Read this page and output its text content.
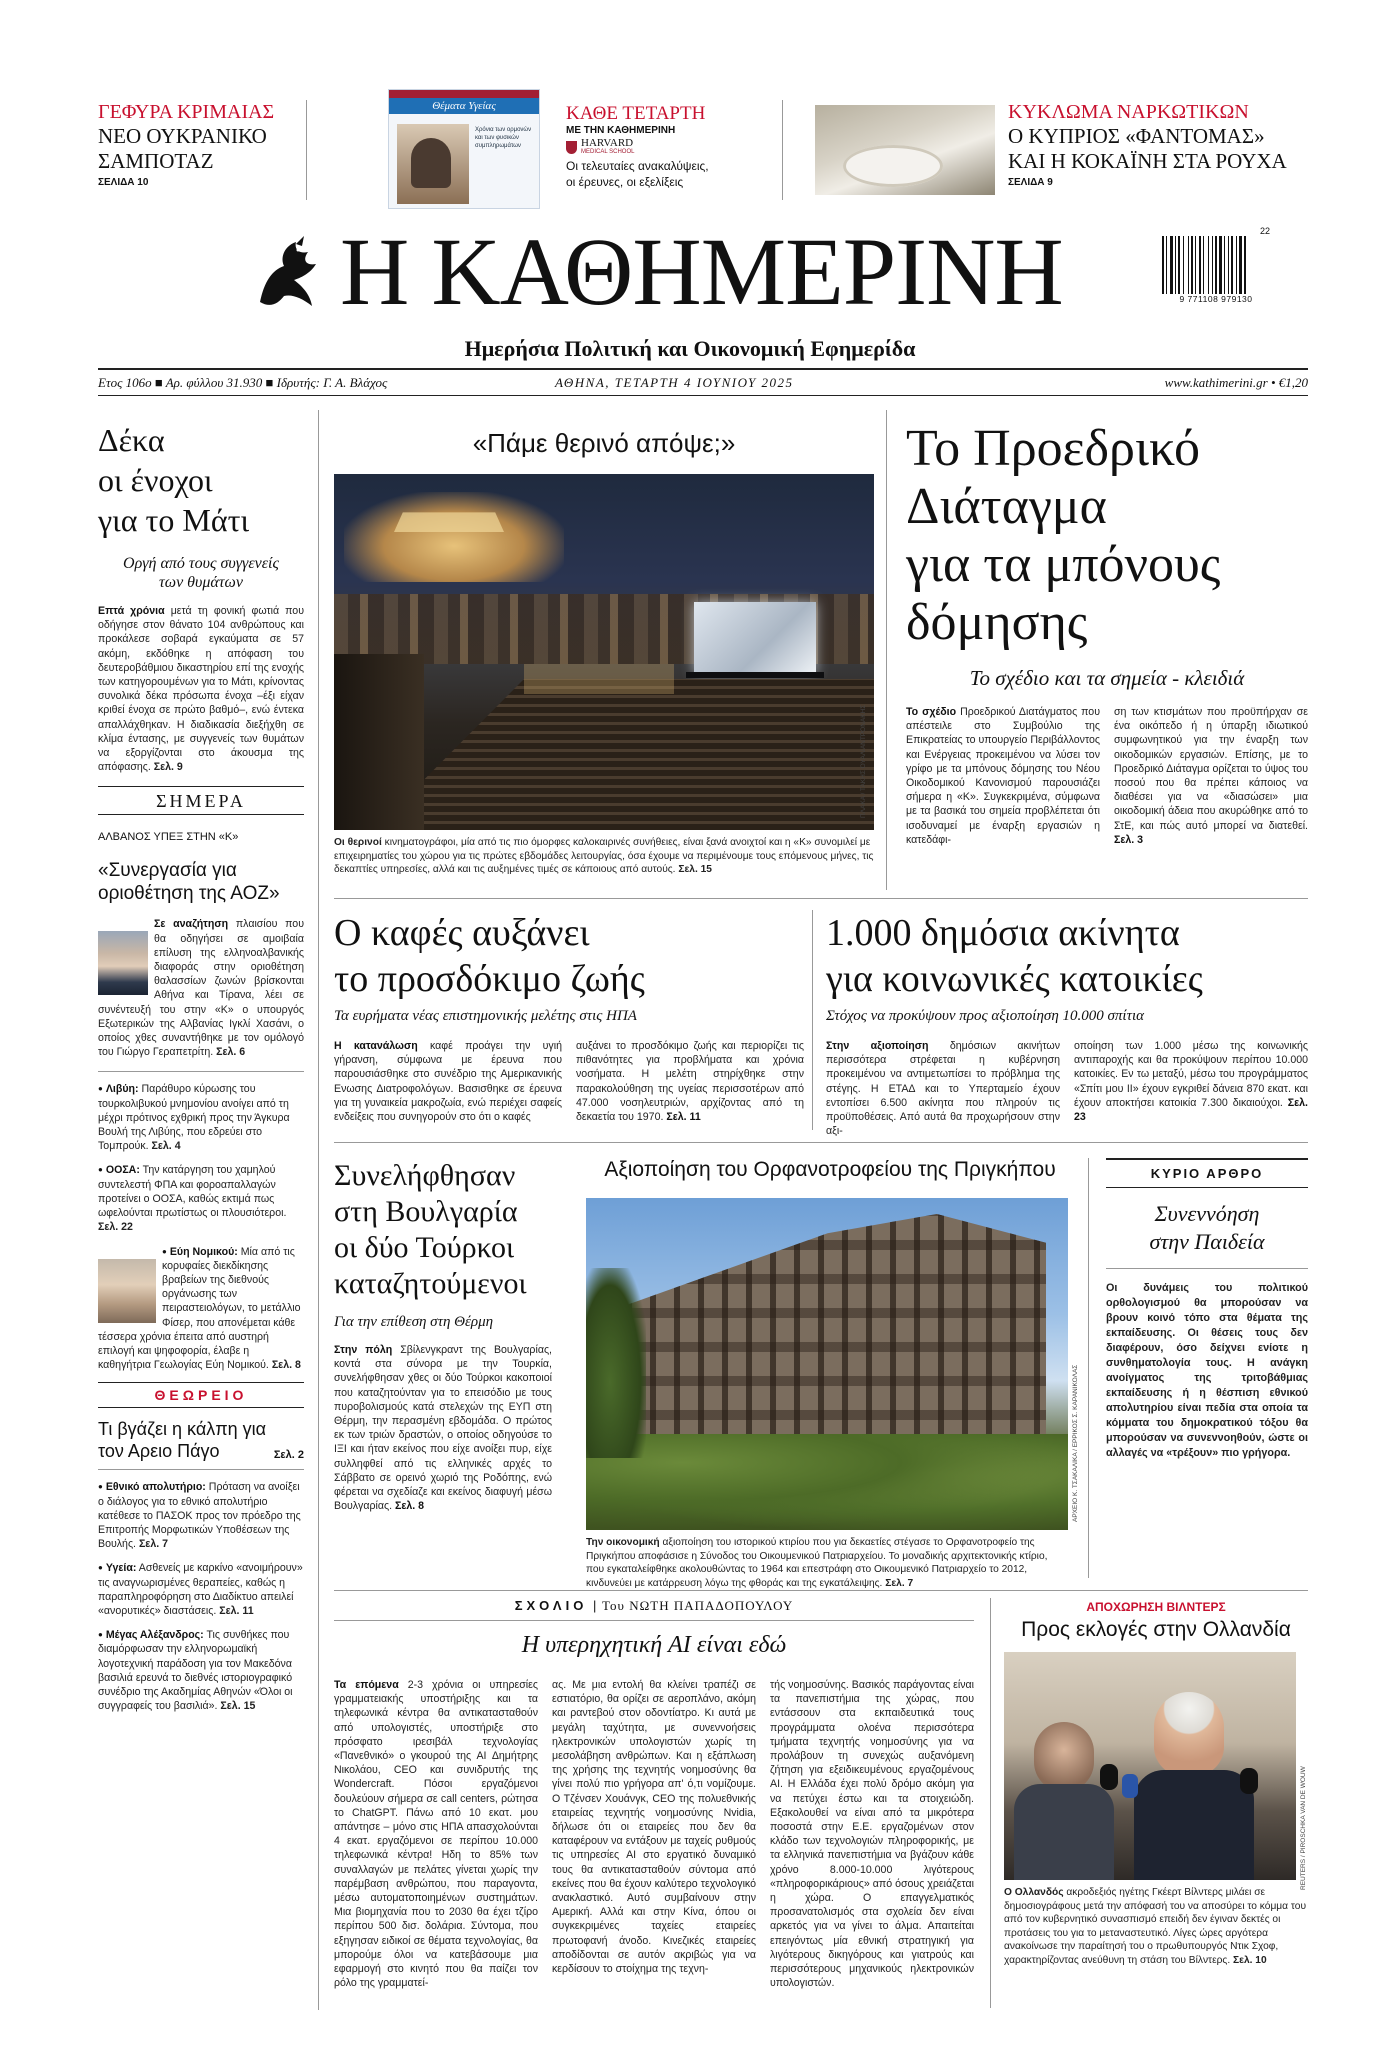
ΓΕΦΥΡΑ ΚΡΙΜΑΙΑΣ
ΝΕΟ ΟΥΚΡΑΝΙΚΟ
ΣΑΜΠΟΤΑΖ
ΣΕΛΙΔΑ 10
Θέματα Υγείας
Χρόνια των ορμονών και των φυσικών συμπληρωμάτων
ΚΑΘΕ ΤΕΤΑΡΤΗ
ΜΕ ΤΗΝ ΚΑΘΗΜΕΡΙΝΗ
HARVARD
MEDICAL SCHOOL
Οι τελευταίες ανακαλύψεις,
οι έρευνες, οι εξελίξεις
ΚΥΚΛΩΜΑ ΝΑΡΚΩΤΙΚΩΝ
Ο ΚΥΠΡΙΟΣ «ΦΑΝΤΟΜΑΣ»
ΚΑΙ Η ΚΟΚΑΪΝΗ ΣΤΑ ΡΟΥΧΑ
ΣΕΛΙΔΑ 9
Η ΚΑΘΗΜΕΡΙΝΗ
Ημερήσια Πολιτική και Οικονομική Εφημερίδα
22
9 771108 979130
Ετος 106ο ■ Αρ. φύλλου 31.930 ■ Ιδρυτής: Γ. Α. Βλάχος	ΑΘΗΝΑ, ΤΕΤΑΡΤΗ 4 ΙΟΥΝΙΟΥ 2025	www.kathimerini.gr • €1,20
Δέκα
οι ένοχοι
για το Μάτι
Οργή από τους συγγενείς
των θυμάτων

Επτά χρόνια μετά τη φονική φωτιά που οδήγησε στον θάνατο 104 ανθρώπους και προκάλεσε σοβαρά εγκαύματα σε 57 ακόμη, εκδόθηκε η απόφαση του δευτεροβάθμιου δικαστηρίου επί της ενοχής των κατηγορουμένων για το Μάτι, κρίνοντας συνολικά δέκα πρόσωπα ένοχα –έξι είχαν κριθεί ένοχα σε πρώτο βαθμό–, ενώ έντεκα απαλλάχθηκαν. Η διαδικασία διεξήχθη σε κλίμα έντασης, με συγγενείς των θυμάτων να εξοργίζονται στο άκουσμα της απόφασης. Σελ. 9

ΣΗΜΕΡΑ
ΑΛΒΑΝΟΣ ΥΠΕΞ ΣΤΗΝ «Κ»
«Συνεργασία για οριοθέτηση της ΑΟΖ»

Σε αναζήτηση πλαισίου που θα οδηγήσει σε αμοιβαία επίλυση της ελληνοαλβανικής διαφοράς στην οριοθέτηση θαλασσίων ζωνών βρίσκονται Αθήνα και Τίρανα, λέει σε συνέντευξή του στην «Κ» ο υπουργός Εξωτερικών της Αλβανίας Ιγκλί Χασάνι, ο οποίος χθες συναντήθηκε με τον ομόλογό του Γιώργο Γεραπετρίτη. Σελ. 6

● Λιβύη: Παράθυρο κύρωσης του τουρκολιβυκού μνημονίου ανοίγει από τη μέχρι πρότινος εχθρική προς την Άγκυρα Βουλή της Λιβύης, που εδρεύει στο Τομπρούκ. Σελ. 4

● ΟΟΣΑ: Την κατάργηση του χαμηλού συντελεστή ΦΠΑ και φοροαπαλλαγών προτείνει ο ΟΟΣΑ, καθώς εκτιμά πως ωφελούνται πρωτίστως οι πλουσιότεροι. Σελ. 22

● Εύη Νομικού: Μία από τις κορυφαίες διεκδίκησης βραβείων της διεθνούς οργάνωσης των πειραστειολόγων, το μετάλλιο Φίσερ, που απονέμεται κάθε τέσσερα χρόνια έπειτα από αυστηρή επιλογή και ψηφοφορία, έλαβε η καθηγήτρια Γεωλογίας Εύη Νομικού. Σελ. 8

ΘΕΩΡΕΙΟ
Τι βγάζει η κάλπη για τον Αρειο Πάγο	Σελ. 2

● Εθνικό απολυτήριο: Πρόταση να ανοίξει ο διάλογος για το εθνικό απολυτήριο κατέθεσε το ΠΑΣΟΚ προς τον πρόεδρο της Επιτροπής Μορφωτικών Υποθέσεων της Βουλής. Σελ. 7

● Υγεία: Ασθενείς με καρκίνο «ανοιμήρουν» τις αναγνωρισμένες θεραπείες, καθώς η παραπληροφόρηση στο Διαδίκτυο απειλεί «ανορυτικές» διαστάσεις. Σελ. 11

● Μέγας Αλέξανδρος: Τις συνθήκες που διαμόρφωσαν την ελληνορωμαϊκή λογοτεχνική παράδοση για τον Μακεδόνα βασιλιά ερευνά το διεθνές ιστοριογραφικό συνέδριο της Ακαδημίας Αθηνών «Όλοι οι συγγραφείς του βασιλιά». Σελ. 15

«Πάμε θερινό απόψε;»
ΠΛΑΚΑ / ΤΑΚΗΣ ΟΥΑΛΙΑΝΤΡΟΝΑΚΗΣ

Οι θερινοί κινηματογράφοι, μία από τις πιο όμορφες καλοκαιρινές συνήθειες, είναι ξανά ανοιχτοί και η «Κ» συνομιλεί με επιχειρηματίες του χώρου για τις πρώτες εβδομάδες λειτουργίας, όσα έχουμε να περιμένουμε τους επόμενους μήνες, τις δεκαπτίες υπηρεσίες, αλλά και τις αυξημένες τιμές σε κάποιους από αυτούς. Σελ. 15

Το Προεδρικό
Διάταγμα
για τα μπόνους
δόμησης
Το σχέδιο και τα σημεία - κλειδιά

Το σχέδιο Προεδρικού Διατάγματος που απέστειλε στο Συμβούλιο της Επικρατείας το υπουργείο Περιβάλλοντος και Ενέργειας προκειμένου να λύσει τον γρίφο με τα μπόνους δόμησης του Νέου Οικοδομικού Κανονισμού παρουσιάζει σήμερα η «Κ». Συγκεκριμένα, σύμφωνα με τα βασικά του σημεία προβλέπεται ότι ισοδυναμεί με έναρξη εργασιών η κατεδάφι-

ση των κτισμάτων που προϋπήρχαν σε ένα οικόπεδο ή η ύπαρξη ιδιωτικού συμφωνητικού για την έναρξη των οικοδομικών εργασιών. Επίσης, με το Προεδρικό Διάταγμα ορίζεται το ύψος του ποσού που θα πρέπει κάποιος να διαθέσει για να «διασώσει» μια οικοδομική άδεια που ακυρώθηκε από το ΣτΕ, και πώς αυτό μπορεί να διατεθεί. Σελ. 3

Ο καφές αυξάνει
το προσδόκιμο ζωής
Τα ευρήματα νέας επιστημονικής μελέτης στις ΗΠΑ

Η κατανάλωση καφέ προάγει την υγιή γήρανση, σύμφωνα με έρευνα που παρουσιάσθηκε στο συνέδριο της Αμερικανικής Ενωσης Διατροφολόγων. Βασισθηκε σε έρευνα για τη γυναικεία μακροζωία, ενώ περιέχει σαφείς ενδείξεις που συνηγορούν στο ότι ο καφές

αυξάνει το προσδόκιμο ζωής και περιορίζει τις πιθανότητες για προβλήματα και χρόνια νοσήματα. Η μελέτη στηρίχθηκε στην παρακολούθηση της υγείας περισσοτέρων από 47.000 νοσηλευτριών, αρχίζοντας από τη δεκαετία του 1970. Σελ. 11

1.000 δημόσια ακίνητα
για κοινωνικές κατοικίες
Στόχος να προκύψουν προς αξιοποίηση 10.000 σπίτια

Στην αξιοποίηση δημόσιων ακινήτων περισσότερα στρέφεται η κυβέρνηση προκειμένου να αντιμετωπίσει το πρόβλημα της στέγης. Η ΕΤΑΔ και το Υπερταμείο έχουν εντοπίσει 6.500 ακίνητα που πληρούν τις προϋποθέσεις. Από αυτά θα προχωρήσουν στην αξι-

οποίηση των 1.000 μέσω της κοινωνικής αντιπαροχής και θα προκύψουν περίπου 10.000 κατοικίες. Εν τω μεταξύ, μέσω του προγράμματος «Σπίτι μου ΙΙ» έχουν εγκριθεί δάνεια 870 εκατ. και έχουν αποκτήσει κατοικία 7.300 δικαιούχοι. Σελ. 23

Συνελήφθησαν
στη Βουλγαρία
οι δύο Τούρκοι
καταζητούμενοι
Για την επίθεση στη Θέρμη

Στην πόλη Σβίλενγκραντ της Βουλγαρίας, κοντά στα σύνορα με την Τουρκία, συνελήφθησαν χθες οι δύο Τούρκοι κακοποιοί που καταζητούνταν για το επεισόδιο με τους πυροβολισμούς κατά στελεχών της ΕΥΠ στη Θέρμη, την περασμένη εβδομάδα. Ο πρώτος εκ των τριών δραστών, ο οποίος οδηγούσε το ΙΞΙ και ήταν εκείνος που είχε ανοίξει πυρ, είχε συλληφθεί από τις ελληνικές αρχές το Σάββατο σε ορεινό χωριό της Ροδόπης, ενώ φέρεται να σχεδίαζε και εκείνος διαφυγή μέσω Βουλγαρίας. Σελ. 8

Αξιοποίηση του Ορφανοτροφείου της Πριγκήπου
ΑΡΧΕΙΟ Κ. ΤΣΑΚΑΛΙΚΑ / ΕΡΡΙΚΟΣ Σ. ΚΑΡΑΝΙΚΟΛΑΣ

Την οικονομική αξιοποίηση του ιστορικού κτιρίου που για δεκαετίες στέγασε το Ορφανοτροφείο της Πριγκήπου αποφάσισε η Σύνοδος του Οικουμενικού Πατριαρχείου. Το μοναδικής αρχιτεκτονικής κτίριο, που εγκαταλείφθηκε ακολουθώντας το 1964 και επεστράφη στο Οικουμενικό Πατριαρχείο το 2012, κινδυνεύει με κατάρρευση λόγω της φθοράς και της εγκατάλειψης. Σελ. 7

ΚΥΡΙΟ ΑΡΘΡΟ
Συνεννόηση
στην Παιδεία

Οι δυνάμεις του πολιτικού ορθολογισμού θα μπορούσαν να βρουν κοινό τόπο στα θέματα της εκπαίδευσης. Οι θέσεις τους δεν διαφέρουν, όσο δείχνει ενίοτε η συνθηματολογία τους. Η ανάγκη ανοίγματος της τριτοβάθμιας εκπαίδευσης ή η θέσπιση εθνικού απολυτηρίου είναι πεδία στα οποία τα κόμματα του δημοκρατικού τόξου θα μπορούσαν να συνεννοηθούν, ώστε οι αλλαγές να «τρέξουν» πιο γρήγορα.

ΣΧΟΛΙΟ | Του ΝΩΤΗ ΠΑΠΑΔΟΠΟΥΛΟΥ
Η υπερηχητική AI είναι εδώ

Τα επόμενα 2-3 χρόνια οι υπηρεσίες γραμματειακής υποστήριξης και τα τηλεφωνικά κέντρα θα αντικατασταθούν από υπολογιστές, υποστήριξε στο πρόσφατο ιρεσιβάλ τεχνολογίας «Πανεθνικό» ο γκουρού της AI Δημήτρης Νικολάου, CEO και συνιδρυτής της Wondercraft. Πόσοι εργαζόμενοι δουλεύουν σήμερα σε call centers, ρώτησα το ChatGPT. Πάνω από 10 εκατ. μου απάντησε – μόνο στις ΗΠΑ απασχολούνται 4 εκατ. εργαζόμενοι σε περίπου 10.000 τηλεφωνικά κέντρα! Ηδη το 85% των συναλλαγών με πελάτες γίνεται χωρίς την παρέμβαση ανθρώπου, που παραγοντα, μέσω αυτοματοποιημένων συστημάτων. Μια βιομηχανία που το 2030 θα έχει τζίρο περίπου 500 δισ. δολάρια. Σύντομα, που εξηγησαν ειδικοί σε θέματα τεχνολογίας, θα μπορούμε όλοι να κατεβάσουμε μια εφαρμογή στο κινητό που θα παίζει τον ρόλο της γραμματεί-

ας. Με μια εντολή θα κλείνει τραπέζι σε εστιατόριο, θα ορίζει σε αεροπλάνο, ακόμη και ραντεβού στον οδοντίατρο. Κι αυτά με μεγάλη ταχύτητα, με συνεννοήσεις ηλεκτρονικών υπολογιστών χωρίς τη μεσολάβηση ανθρώπων. Και η εξάπλωση της χρήσης της τεχνητής νοημοσύνης θα γίνει πολύ πιο γρήγορα απ' ό,τι νομίζουμε. Ο Τζένσεν Χουάνγκ, CEO της πολυεθνικής εταιρείας τεχνητής νοημοσύνης Nvidia, δήλωσε ότι οι εταιρείες που δεν θα καταφέρουν να εντάξουν με ταχείς ρυθμούς τις υπηρεσίες AI στο εργατικό δυναμικό τους θα αντικατασταθούν σύντομα από εκείνες που θα έχουν καλύτερο τεχνολογικό ανακλαστικό. Αυτό συμβαίνουν στην Αμερική. Αλλά και στην Κίνα, όπου οι συγκεκριμένες ταχείες εταιρείες πρωτοφανή άνοδο. Κινεζικές εταιρείες αποδίδονται σε αυτόν ακριβώς για να κερδίσουν το στοίχημα της τεχνη-

τής νοημοσύνης. Βασικός παράγοντας είναι τα πανεπιστήμια της χώρας, που εντάσσουν στα εκπαιδευτικά τους προγράμματα ολοένα περισσότερα τμήματα τεχνητής νοημοσύνης για να προλάβουν τη συνεχώς αυξανόμενη ζήτηση για εξειδικευμένους εργαζομένους AI. Η Ελλάδα έχει πολύ δρόμο ακόμη για να πετύχει έστω και τα στοιχειώδη. Εξακολουθεί να είναι από τα μικρότερα ποσοστά στην Ε.Ε. εργαζομένων στον κλάδο των τεχνολογιών πληροφορικής, με τα ελληνικά πανεπιστήμια να βγάζουν κάθε χρόνο 8.000-10.000 λιγότερους «πληροφορικάριους» από όσους χρειάζεται η χώρα. Ο επαγγελματικός προσανατολισμός στα σχολεία δεν είναι αρκετός για να γίνει το άλμα. Απαιτείται επειγόντως μία εθνική στρατηγική για λιγότερους δικηγόρους και γιατρούς και περισσότερους μηχανικούς ηλεκτρονικών υπολογιστών.

ΑΠΟΧΩΡΗΣΗ ΒΙΛΝΤΕΡΣ
Προς εκλογές στην Ολλανδία
REUTERS / PIROSCHKA VAN DE WOUW

Ο Ολλανδός ακροδεξιός ηγέτης Γκέερτ Βίλντερς μιλάει σε δημοσιογράφους μετά την απόφασή του να αποσύρει το κόμμα του από τον κυβερνητικό συνασπισμό επειδή δεν έγιναν δεκτές οι προτάσεις του για το μεταναστευτικό. Λίγες ώρες αργότερα ανακοίνωσε την παραίτησή του ο πρωθυπουργός Ντικ Σχοφ, χαρακτηρίζοντας ανεύθυνη τη στάση του Βίλντερς. Σελ. 10
